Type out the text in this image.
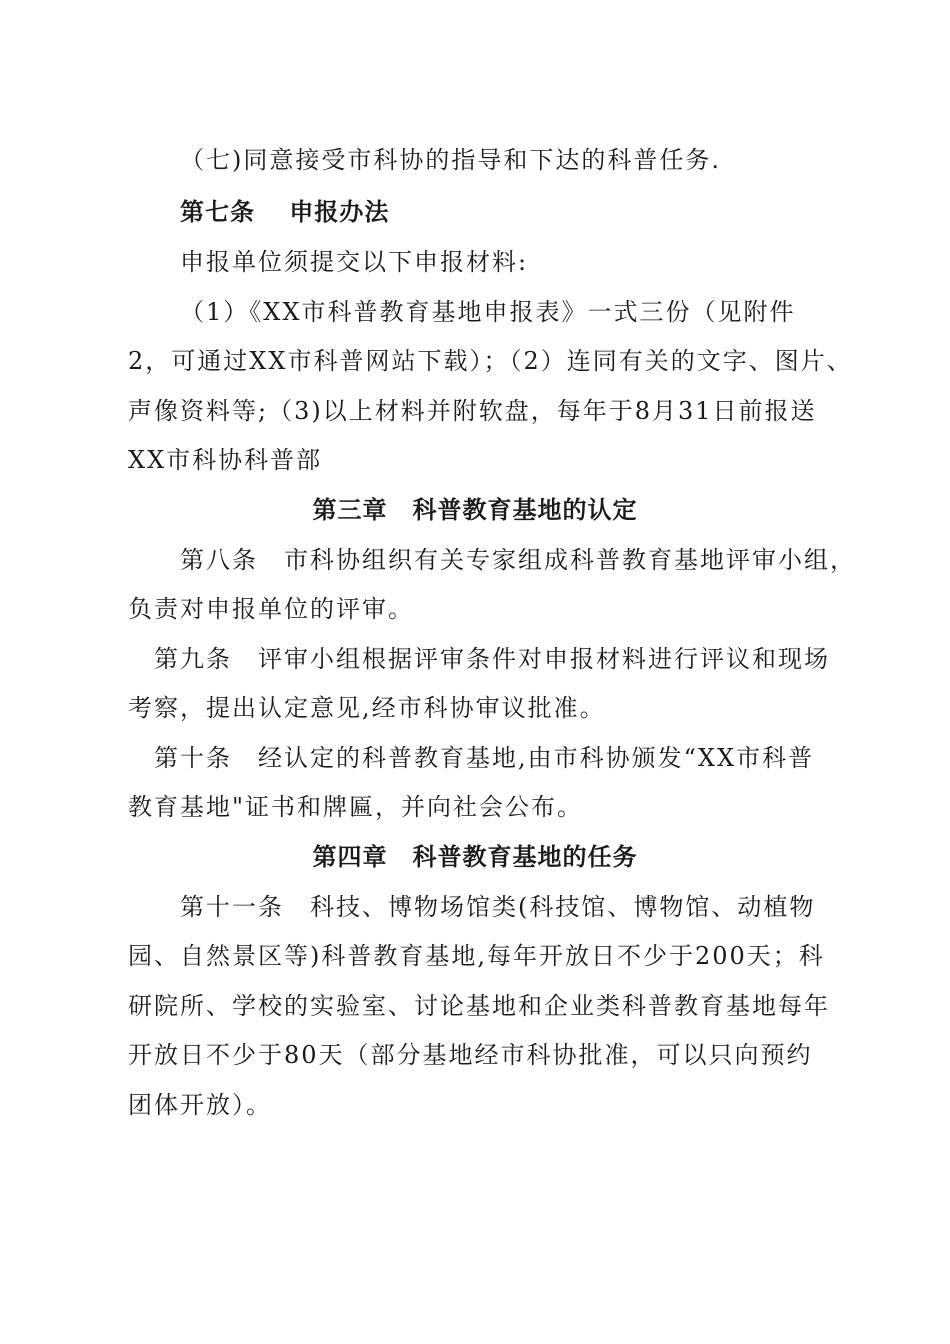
（七)同意接受市科协的指导和下达的科普任务.
第七条　 申报办法
申报单位须提交以下申报材料:
（1）《XX市科普教育基地申报表》一式三份（见附件
2，可通过XX市科普网站下载）；（2）连同有关的文字、图片、
声像资料等;（3)以上材料并附软盘，每年于8月31日前报送
XX市科协科普部
第三章　科普教育基地的认定
第八条　市科协组织有关专家组成科普教育基地评审小组，
负责对申报单位的评审。
第九条　评审小组根据评审条件对申报材料进行评议和现场
考察，提出认定意见,经市科协审议批准。
第十条　经认定的科普教育基地,由市科协颁发“XX市科普
教育基地"证书和牌匾，并向社会公布。
第四章　科普教育基地的任务
第十一条　科技、博物场馆类(科技馆、博物馆、动植物
园、自然景区等)科普教育基地,每年开放日不少于200天；科
研院所、学校的实验室、讨论基地和企业类科普教育基地每年
开放日不少于80天（部分基地经市科协批准，可以只向预约
团体开放）。
